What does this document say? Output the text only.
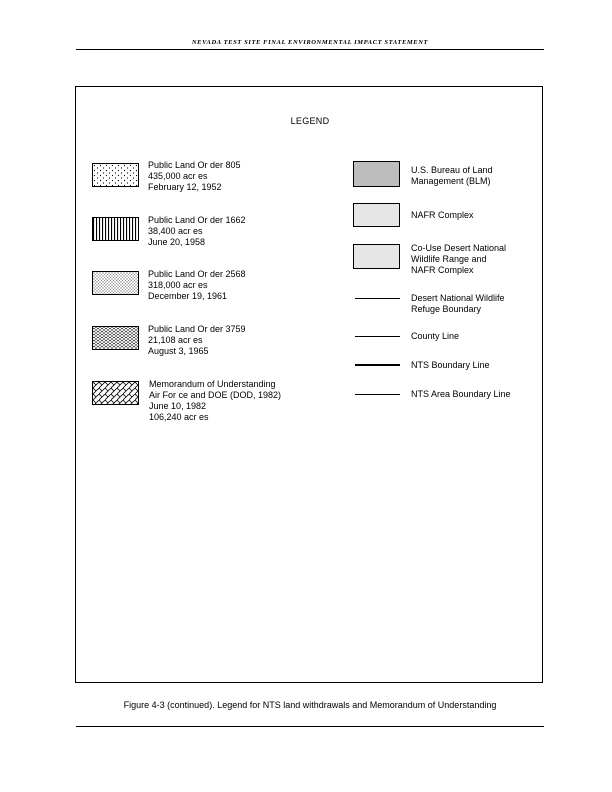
NEVADA TEST SITE FINAL ENVIRONMENTAL IMPACT STATEMENT
LEGEND
Public Land Or der 805
435,000 acr es
February 12, 1952
Public Land Or der 1662
38,400 acr es
June 20, 1958
Public Land Or der 2568
318,000 acr es
December 19, 1961
Public Land Or der 3759
21,108 acr es
August 3, 1965
Memorandum of Understanding
Air For ce and DOE (DOD, 1982)
June 10, 1982
106,240 acr es
U.S. Bureau of Land
Management (BLM)
NAFR Complex
Co-Use Desert National
Wildlife Range and
NAFR Complex
Desert National Wildlife
Refuge Boundary
County Line
NTS Boundary Line
NTS Area Boundary Line
Figure 4-3 (continued). Legend for NTS land withdrawals and Memorandum of Understanding
